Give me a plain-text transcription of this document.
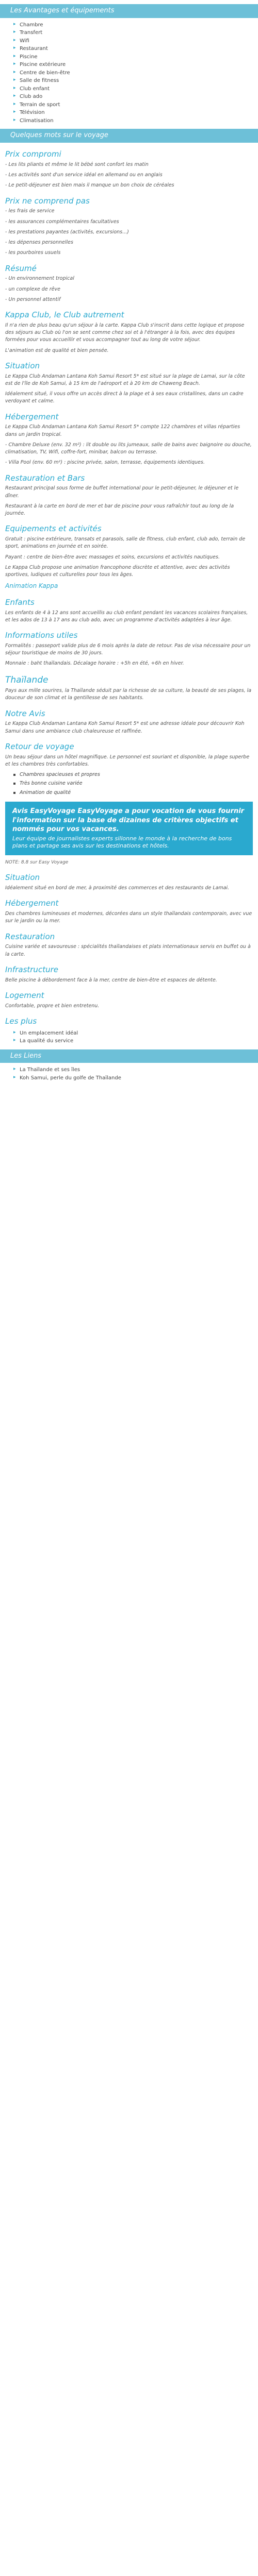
Les Avantages et équipements
▸ Chambre
▸ Transfert
▸ Wifi
▸ Restaurant
▸ Piscine
▸ Piscine extérieure
▸ Centre de bien-être
▸ Salle de fitness
▸ Club enfant
▸ Club ado
▸ Terrain de sport
▸ Télévision
▸ Climatisation
Quelques mots sur le voyage
Prix compromi

- Les lits pliants et même le lit bébé sont confort les matin

- Les activités sont d'un service idéal en allemand ou en anglais

- Le petit-déjeuner est bien mais il manque un bon choix de céréales

Prix ne comprend pas

- les frais de service

- les assurances complémentaires facultatives

- les prestations payantes (activités, excursions...)

- les dépenses personnelles

- les pourboires usuels

Résumé

- Un environnement tropical

- un complexe de rêve

- Un personnel attentif

Kappa Club, le Club autrement

Il n'a rien de plus beau qu'un séjour à la carte. Kappa Club s'inscrit dans cette logique et propose des séjours au Club où l'on se sent comme chez soi et à l'étranger à la fois, avec des équipes formées pour vous accueillir et vous accompagner tout au long de votre séjour.

L'animation est de qualité et bien pensée.

Situation

Le Kappa Club Andaman Lantana Koh Samui Resort 5* est situé sur la plage de Lamai, sur la côte est de l'île de Koh Samui, à 15 km de l'aéroport et à 20 km de Chaweng Beach.

Idéalement situé, il vous offre un accès direct à la plage et à ses eaux cristallines, dans un cadre verdoyant et calme.

Hébergement

Le Kappa Club Andaman Lantana Koh Samui Resort 5* compte 122 chambres et villas réparties dans un jardin tropical.

- Chambre Deluxe (env. 32 m²) : lit double ou lits jumeaux, salle de bains avec baignoire ou douche, climatisation, TV, Wifi, coffre-fort, minibar, balcon ou terrasse.

- Villa Pool (env. 60 m²) : piscine privée, salon, terrasse, équipements identiques.

Restauration et Bars

Restaurant principal sous forme de buffet international pour le petit-déjeuner, le déjeuner et le dîner.

Restaurant à la carte en bord de mer et bar de piscine pour vous rafraîchir tout au long de la journée.

Equipements et activités

Gratuit : piscine extérieure, transats et parasols, salle de fitness, club enfant, club ado, terrain de sport, animations en journée et en soirée.

Payant : centre de bien-être avec massages et soins, excursions et activités nautiques.

Le Kappa Club propose une animation francophone discrète et attentive, avec des activités sportives, ludiques et culturelles pour tous les âges.

Animation Kappa
Enfants

Les enfants de 4 à 12 ans sont accueillis au club enfant pendant les vacances scolaires françaises, et les ados de 13 à 17 ans au club ado, avec un programme d'activités adaptées à leur âge.

Informations utiles

Formalités : passeport valide plus de 6 mois après la date de retour. Pas de visa nécessaire pour un séjour touristique de moins de 30 jours.

Monnaie : baht thaïlandais. Décalage horaire : +5h en été, +6h en hiver.

Thaïlande

Pays aux mille sourires, la Thaïlande séduit par la richesse de sa culture, la beauté de ses plages, la douceur de son climat et la gentillesse de ses habitants.

Notre Avis

Le Kappa Club Andaman Lantana Koh Samui Resort 5* est une adresse idéale pour découvrir Koh Samui dans une ambiance club chaleureuse et raffinée.

Retour de voyage

Un beau séjour dans un hôtel magnifique. Le personnel est souriant et disponible, la plage superbe et les chambres très confortables.

Chambres spacieuses et propres
Très bonne cuisine variée
Animation de qualité
Avis EasyVoyage EasyVoyage a pour vocation de vous fournir l'information sur la base de dizaines de critères objectifs et nommés pour vos vacances.
Leur équipe de journalistes experts sillonne le monde à la recherche de bons plans et partage ses avis sur les destinations et hôtels.

NOTE: 8.8 sur Easy Voyage

Situation

Idéalement situé en bord de mer, à proximité des commerces et des restaurants de Lamai.

Hébergement

Des chambres lumineuses et modernes, décorées dans un style thaïlandais contemporain, avec vue sur le jardin ou la mer.

Restauration

Cuisine variée et savoureuse : spécialités thaïlandaises et plats internationaux servis en buffet ou à la carte.

Infrastructure

Belle piscine à débordement face à la mer, centre de bien-être et espaces de détente.

Logement

Confortable, propre et bien entretenu.

Les plus
▸ Un emplacement idéal
▸ La qualité du service
Les Liens
▸ La Thaïlande et ses îles
▸ Koh Samui, perle du golfe de Thaïlande
